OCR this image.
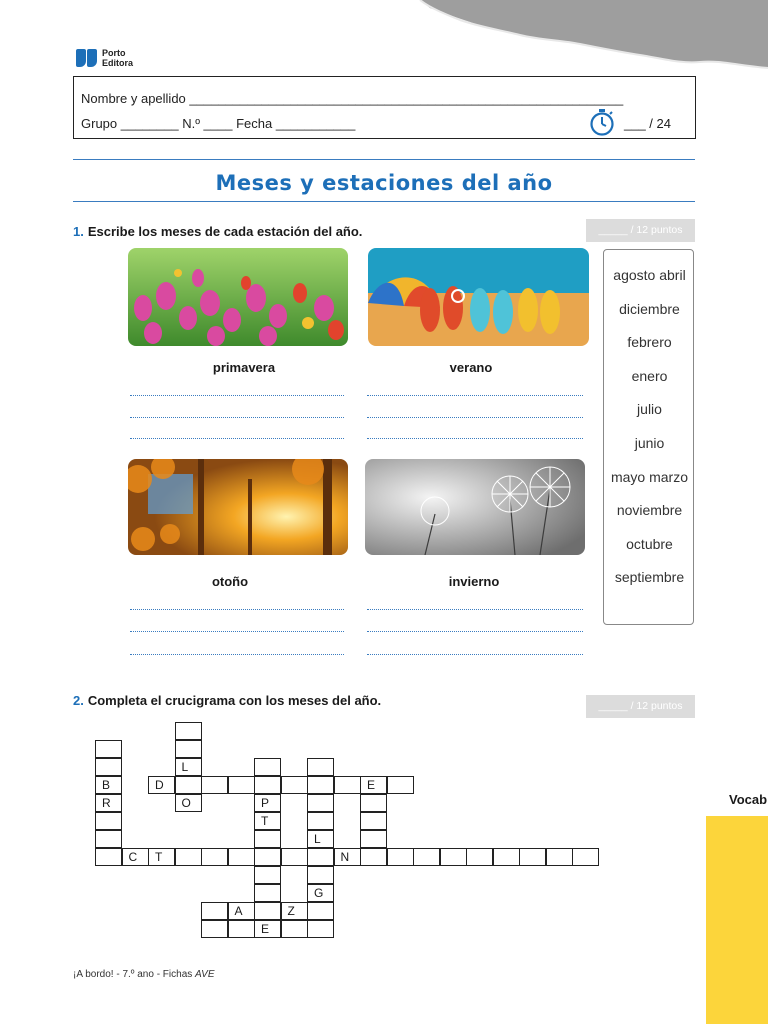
Porto
Editora
Nombre y apellido ____________________________________________________________
Grupo ________ N.º ____ Fecha ___________	___ / 24
Meses y estaciones del año
1. Escribe los meses de cada estación del año.	_____ / 12 puntos
primavera	verano
otoño	invierno
agosto abril
diciembre
febrero
enero
julio
junio
mayo marzo
noviembre
octubre
septiembre
2. Completa el crucigrama con los meses del año.	_____ / 12 puntos
D	E
C	T	N
A	Z
E
B
R
L
O	P
T
L
G
¡A bordo! - 7.º ano - Fichas AVE
Vocab
